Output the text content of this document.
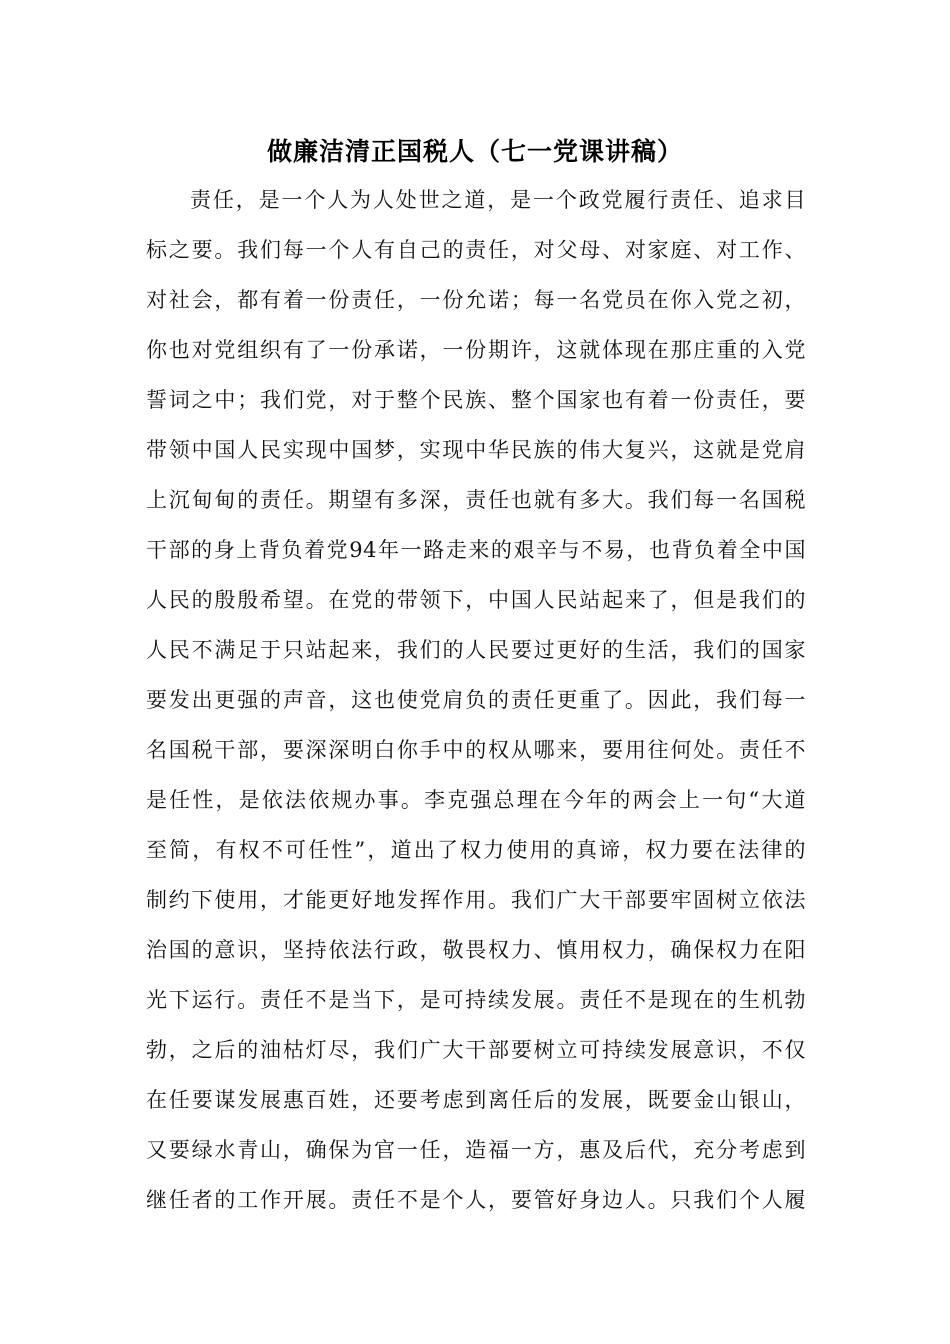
做廉洁清正国税人（七一党课讲稿）
责任，是一个人为人处世之道，是一个政党履行责任、追求目
标之要。我们每一个人有自己的责任，对父母、对家庭、对工作、
对社会，都有着一份责任，一份允诺；每一名党员在你入党之初，
你也对党组织有了一份承诺，一份期许，这就体现在那庄重的入党
誓词之中；我们党，对于整个民族、整个国家也有着一份责任，要
带领中国人民实现中国梦，实现中华民族的伟大复兴，这就是党肩
上沉甸甸的责任。期望有多深，责任也就有多大。我们每一名国税
干部的身上背负着党94年一路走来的艰辛与不易，也背负着全中国
人民的殷殷希望。在党的带领下，中国人民站起来了，但是我们的
人民不满足于只站起来，我们的人民要过更好的生活，我们的国家
要发出更强的声音，这也使党肩负的责任更重了。因此，我们每一
名国税干部，要深深明白你手中的权从哪来，要用往何处。责任不
是任性，是依法依规办事。李克强总理在今年的两会上一句“大道
至简，有权不可任性”，道出了权力使用的真谛，权力要在法律的
制约下使用，才能更好地发挥作用。我们广大干部要牢固树立依法
治国的意识，坚持依法行政，敬畏权力、慎用权力，确保权力在阳
光下运行。责任不是当下，是可持续发展。责任不是现在的生机勃
勃，之后的油枯灯尽，我们广大干部要树立可持续发展意识，不仅
在任要谋发展惠百姓，还要考虑到离任后的发展，既要金山银山，
又要绿水青山，确保为官一任，造福一方，惠及后代，充分考虑到
继任者的工作开展。责任不是个人，要管好身边人。只我们个人履
